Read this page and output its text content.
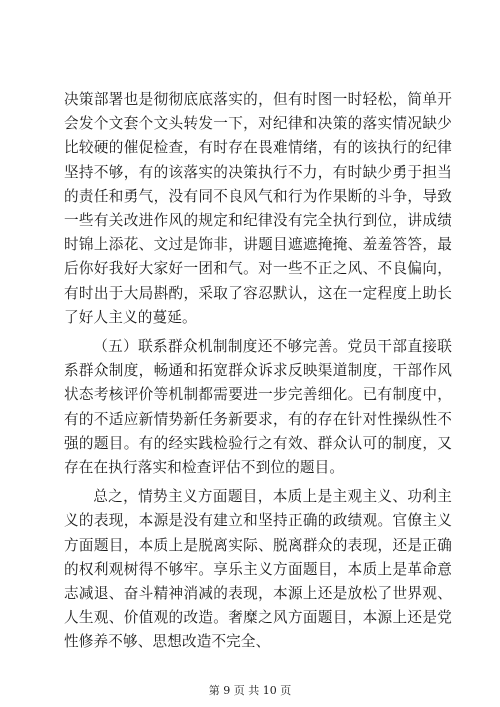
决策部署也是彻彻底底落实的，但有时图一时轻松，简单开会发个文套个文头转发一下，对纪律和决策的落实情况缺少比较硬的催促检查，有时存在畏难情绪，有的该执行的纪律坚持不够，有的该落实的决策执行不力，有时缺少勇于担当的责任和勇气，没有同不良风气和行为作果断的斗争，导致一些有关改进作风的规定和纪律没有完全执行到位，讲成绩时锦上添花、文过是饰非，讲题目遮遮掩掩、羞羞答答，最后你好我好大家好一团和气。对一些不正之风、不良偏向，有时出于大局斟酌，采取了容忍默认，这在一定程度上助长了好人主义的蔓延。

（五）联系群众机制制度还不够完善。党员干部直接联系群众制度，畅通和拓宽群众诉求反映渠道制度，干部作风状态考核评价等机制都需要进一步完善细化。已有制度中，有的不适应新情势新任务新要求，有的存在针对性操纵性不强的题目。有的经实践检验行之有效、群众认可的制度，又存在在执行落实和检查评估不到位的题目。

总之，情势主义方面题目，本质上是主观主义、功利主义的表现，本源是没有建立和坚持正确的政绩观。官僚主义方面题目，本质上是脱离实际、脱离群众的表现，还是正确的权利观树得不够牢。享乐主义方面题目，本质上是革命意志减退、奋斗精神消减的表现，本源上还是放松了世界观、人生观、价值观的改造。奢糜之风方面题目，本源上还是党性修养不够、思想改造不完全、

第 9 页 共 10 页
